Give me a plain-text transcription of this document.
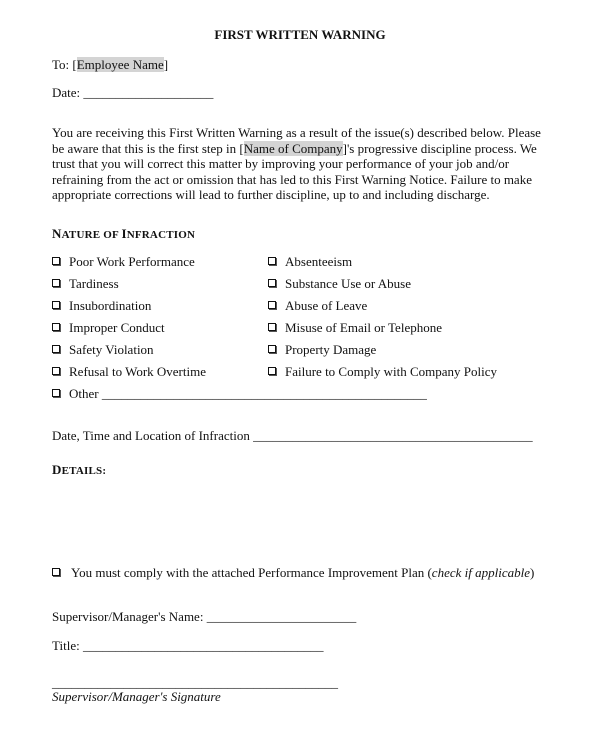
FIRST WRITTEN WARNING
To: [Employee Name]
Date: ____________________
You are receiving this First Written Warning as a result of the issue(s) described below. Please
be aware that this is the first step in [Name of Company]'s progressive discipline process. We
trust that you will correct this matter by improving your performance of your job and/or
refraining from the act or omission that has led to this First Warning Notice. Failure to make
appropriate corrections will lead to further discipline, up to and including discharge.
NATURE OF INFRACTION
Poor Work Performance
Tardiness
Insubordination
Improper Conduct
Safety Violation
Refusal to Work Overtime
Absenteeism
Substance Use or Abuse
Abuse of Leave
Misuse of Email or Telephone
Property Damage
Failure to Comply with Company Policy
Other __________________________________________________
Date, Time and Location of Infraction ___________________________________________
DETAILS:
You must comply with the attached Performance Improvement Plan (check if applicable)
Supervisor/Manager's Name: _______________________
Title: _____________________________________
____________________________________________
Supervisor/Manager's Signature
